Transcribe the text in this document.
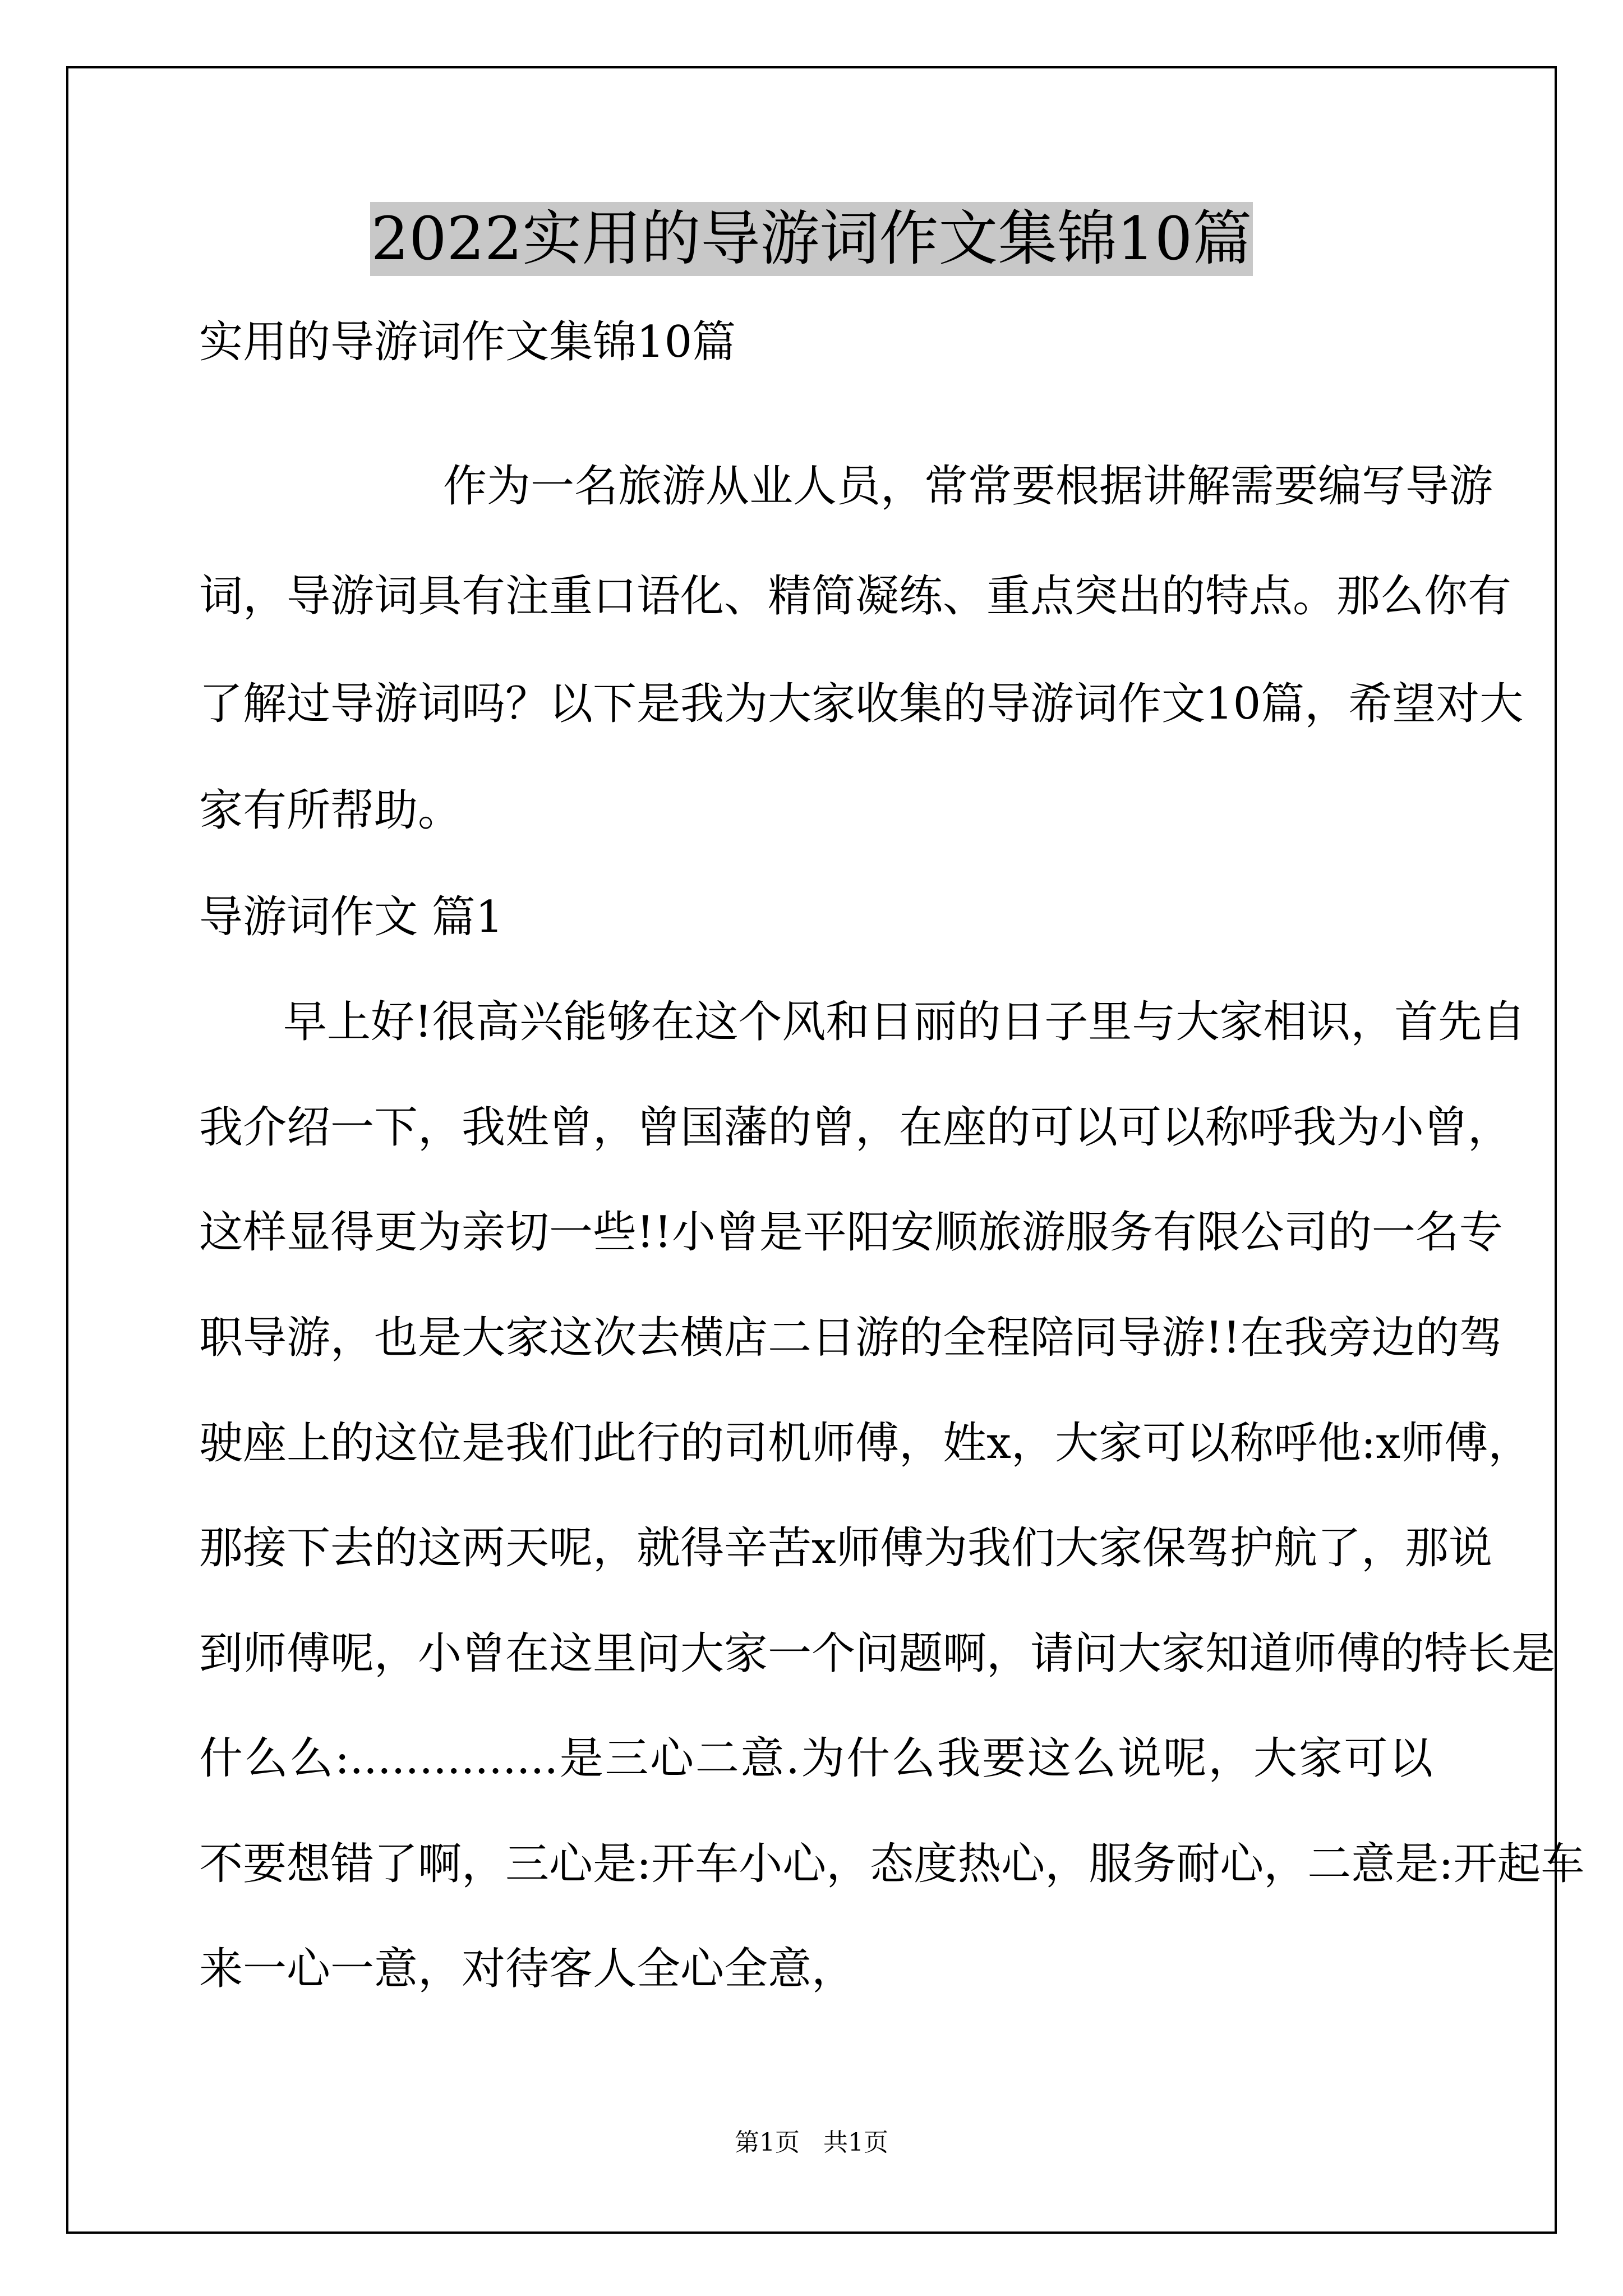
2022实用的导游词作文集锦10篇
实用的导游词作文集锦10篇
作为一名旅游从业人员，常常要根据讲解需要编写导游
词，导游词具有注重口语化、精简凝练、重点突出的特点。那么你有
了解过导游词吗？以下是我为大家收集的导游词作文10篇，希望对大
家有所帮助。
导游词作文 篇1
早上好!很高兴能够在这个风和日丽的日子里与大家相识，首先自
我介绍一下，我姓曾，曾国藩的曾，在座的可以可以称呼我为小曾，
这样显得更为亲切一些!!小曾是平阳安顺旅游服务有限公司的一名专
职导游，也是大家这次去横店二日游的全程陪同导游!!在我旁边的驾
驶座上的这位是我们此行的司机师傅，姓x，大家可以称呼他:x师傅，
那接下去的这两天呢，就得辛苦x师傅为我们大家保驾护航了，那说
到师傅呢，小曾在这里问大家一个问题啊，请问大家知道师傅的特长是
什么么:...............是三心二意.为什么我要这么说呢，大家可以
不要想错了啊，三心是:开车小心，态度热心，服务耐心，二意是:开起车
来一心一意，对待客人全心全意，
第1页   共1页
